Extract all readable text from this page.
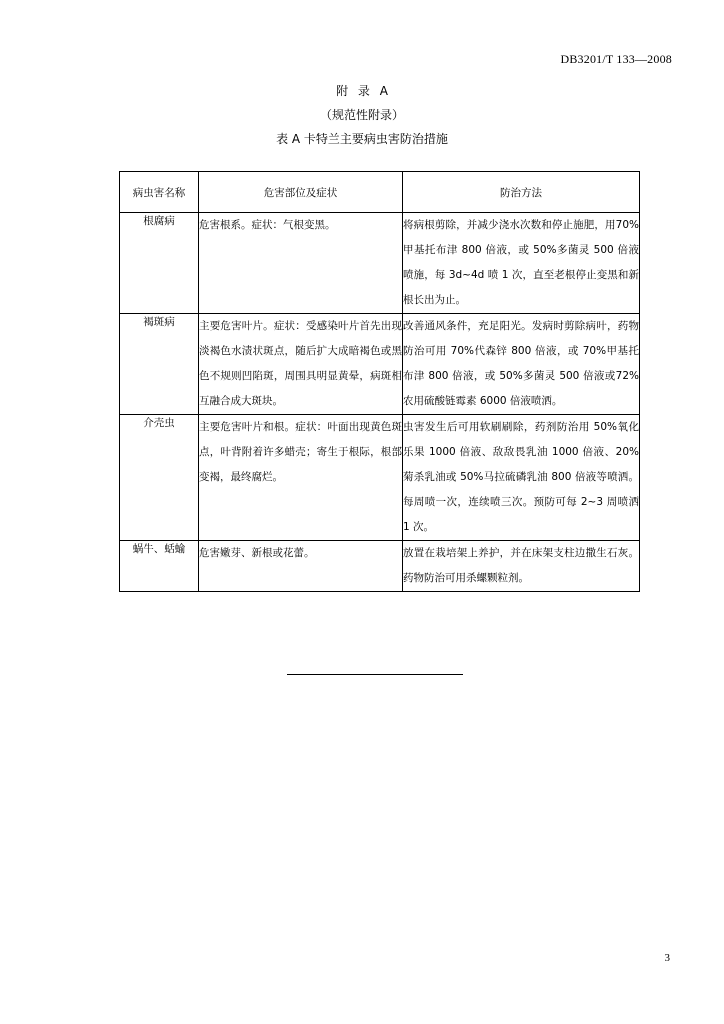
DB3201/T 133—2008
附 录 A
（规范性附录）
表 A 卡特兰主要病虫害防治措施
病虫害名称	危害部位及症状	防治方法
根腐病	危害根系。症状：气根变黑。	将病根剪除，并减少浇水次数和停止施肥，用70%甲基托布津 800 倍液，或 50%多菌灵 500 倍液喷施，每 3d~4d 喷 1 次，直至老根停止变黑和新根长出为止。
褐斑病	主要危害叶片。症状：受感染叶片首先出现淡褐色水渍状斑点，随后扩大成暗褐色或黑色不规则凹陷斑，周围具明显黄晕，病斑相互融合成大斑块。	改善通风条件，充足阳光。发病时剪除病叶，药物防治可用 70%代森锌 800 倍液，或 70%甲基托布津 800 倍液，或 50%多菌灵 500 倍液或72%农用硫酸链霉素 6000 倍液喷洒。
介壳虫	主要危害叶片和根。症状：叶面出现黄色斑点，叶背附着许多蜡壳；寄生于根际，根部变褐，最终腐烂。	虫害发生后可用软刷刷除，药剂防治用 50%氧化乐果 1000 倍液、敌敌畏乳油 1000 倍液、20%菊杀乳油或 50%马拉硫磷乳油 800 倍液等喷洒。每周喷一次，连续喷三次。预防可每 2~3 周喷洒 1 次。
蜗牛、蛞蝓	危害嫩芽、新根或花蕾。	放置在栽培架上养护，并在床架支柱边撒生石灰。药物防治可用杀螺颗粒剂。
3
